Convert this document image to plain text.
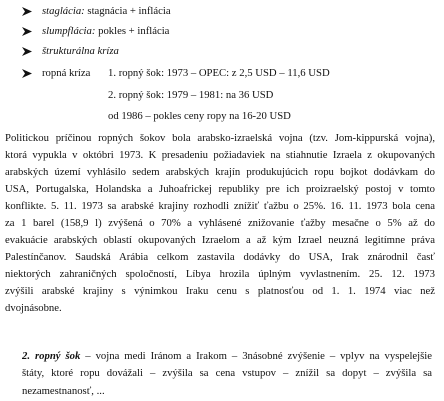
staglácia: stagnácia + inflácia
slumpflácia: pokles + inflácia
štrukturálna kríza
ropná kríza 1. ropný šok: 1973 – OPEC: z 2,5 USD – 11,6 USD
2. ropný šok: 1979 – 1981: na 36 USD
od 1986 – pokles ceny ropy na 16-20 USD
Politickou príčinou ropných šokov bola arabsko-izraelská vojna (tzv. Jom-kippurská vojna),
ktorá vypukla v októbri 1973. K presadeniu požiadaviek na stiahnutie Izraela z okupovaných
arabských území vyhlásilo sedem arabských krajín produkujúcich ropu bojkot dodávkam do
USA, Portugalska, Holandska a Juhoafrickej republiky pre ich proizraelský postoj v tomto
konflikte. 5. 11. 1973 sa arabské krajiny rozhodli znížiť ťažbu o 25%. 16. 11. 1973 bola cena
za 1 barel (158,9 l) zvýšená o 70% a vyhlásené znižovanie ťažby mesačne o 5% až do
evakuácie arabských oblastí okupovaných Izraelom a až kým Izrael neuzná legitímne práva
Palestínčanov. Saudská Arábia celkom zastavila dodávky do USA, Irak znárodnil časť
niektorých zahraničných spoločností, Líbya hrozila úplným vyvlastnením. 25. 12. 1973
zvýšili arabské krajiny s výnimkou Iraku cenu s platnosťou od 1. 1. 1974 viac než
dvojnásobne.
2. ropný šok – vojna medi Iránom a Irakom – 3násobné zvýšenie – vplyv na vyspelejšie
štáty, ktoré ropu dovážali – zvýšila sa cena vstupov – znížil sa dopyt – zvýšila sa
nezamestnanosť, ...
